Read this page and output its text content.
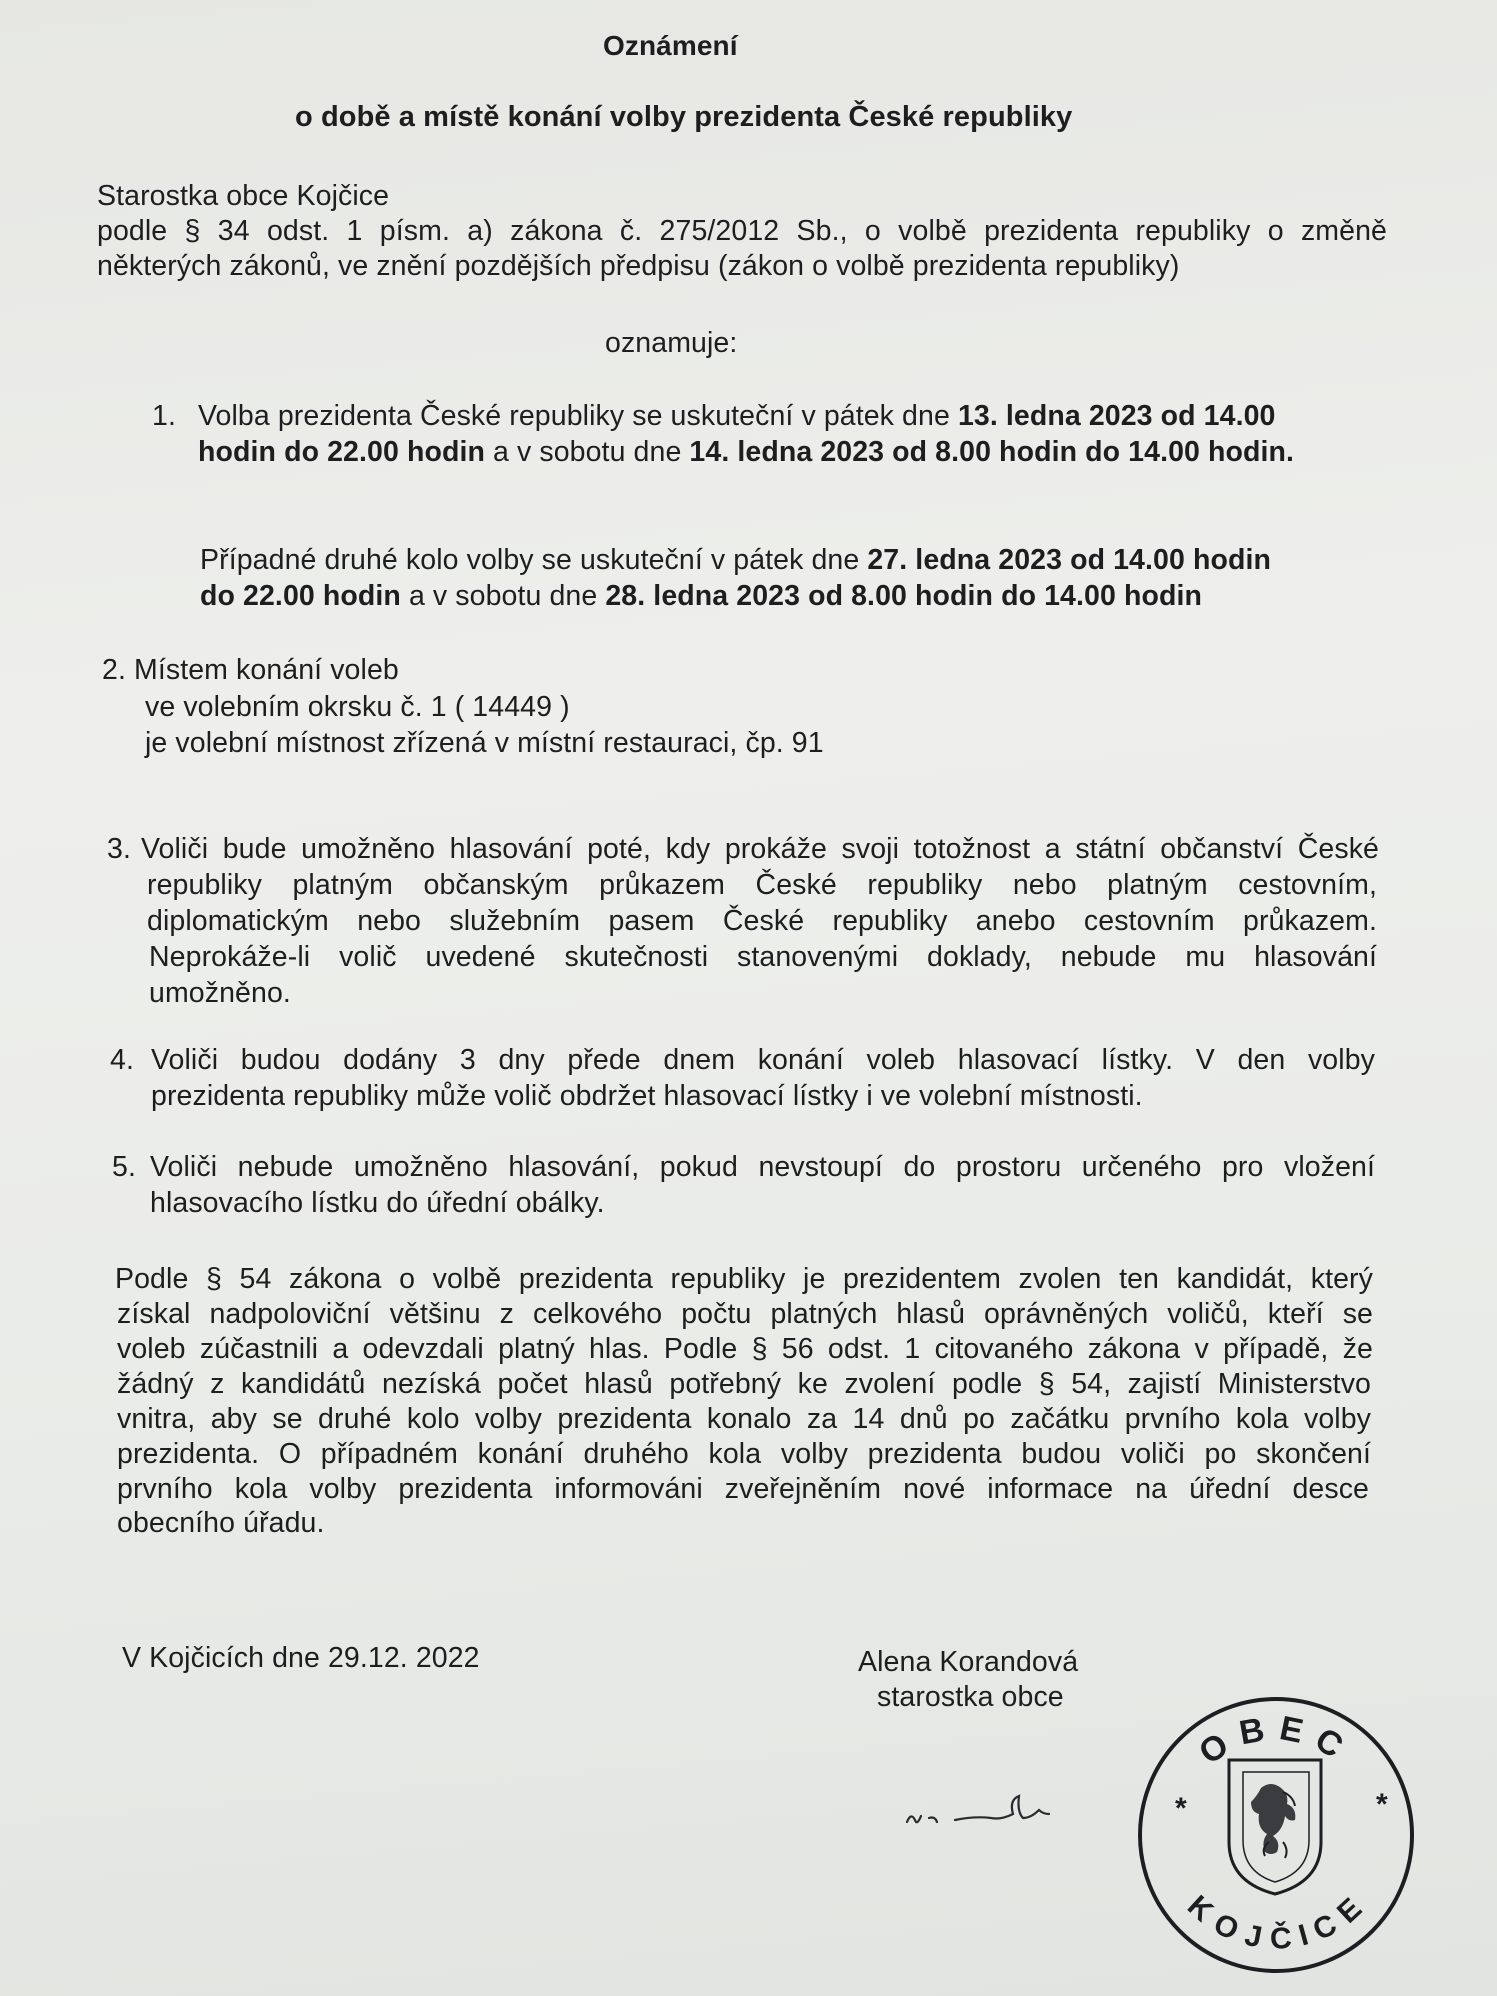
Oznámení
o době a místě konání volby prezidenta České republiky
Starostka obce Kojčice
podle § 34 odst. 1 písm. a) zákona č. 275/2012 Sb., o volbě prezidenta republiky o změně
některých zákonů, ve znění pozdějších předpisu (zákon o volbě prezidenta republiky)
oznamuje:
1. Volba prezidenta České republiky se uskuteční v pátek dne 13. ledna 2023 od 14.00
hodin do 22.00 hodin a v sobotu dne 14. ledna 2023 od 8.00 hodin do 14.00 hodin.
Případné druhé kolo volby se uskuteční v pátek dne 27. ledna 2023 od 14.00 hodin
do 22.00 hodin a v sobotu dne 28. ledna 2023 od 8.00 hodin do 14.00 hodin
2. Místem konání voleb
ve volebním okrsku č. 1 ( 14449 )
je volební místnost zřízená v místní restauraci, čp. 91
3. Voliči bude umožněno hlasování poté, kdy prokáže svoji totožnost a státní občanství České
republiky platným občanským průkazem České republiky nebo platným cestovním,
diplomatickým nebo služebním pasem České republiky anebo cestovním průkazem.
Neprokáže-li volič uvedené skutečnosti stanovenými doklady, nebude mu hlasování
umožněno.
4. Voliči budou dodány 3 dny přede dnem konání voleb hlasovací lístky. V den volby
prezidenta republiky může volič obdržet hlasovací lístky i ve volební místnosti.
5. Voliči nebude umožněno hlasování, pokud nevstoupí do prostoru určeného pro vložení
hlasovacího lístku do úřední obálky.
Podle § 54 zákona o volbě prezidenta republiky je prezidentem zvolen ten kandidát, který
získal nadpoloviční většinu z celkového počtu platných hlasů oprávněných voličů, kteří se
voleb zúčastnili a odevzdali platný hlas. Podle § 56 odst. 1 citovaného zákona v případě, že
žádný z kandidátů nezíská počet hlasů potřebný ke zvolení podle § 54, zajistí Ministerstvo
vnitra, aby se druhé kolo volby prezidenta konalo za 14 dnů po začátku prvního kola volby
prezidenta. O případném konání druhého kola volby prezidenta budou voliči po skončení
prvního kola volby prezidenta informováni zveřejněním nové informace na úřední desce
obecního úřadu.
V Kojčicích dne 29.12. 2022	Alena Korandová
starostka obce
OBEC
KOJČICE
*	*
